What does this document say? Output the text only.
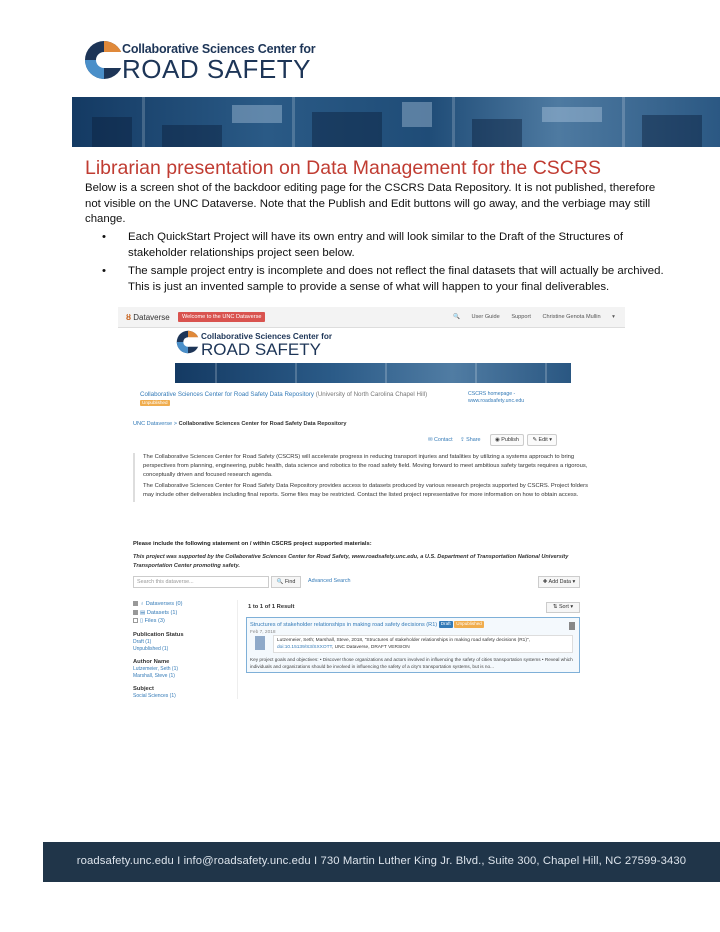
Collaborative Sciences Center for
ROAD SAFETY
Librarian presentation on Data Management for the CSCRS

Below is a screen shot of the backdoor editing page for the CSCRS Data Repository. It is not published, therefore not visible on the UNC Dataverse. Note that the Publish and Edit buttons will go away, and the verbiage may still change.

• Each QuickStart Project will have its own entry and will look similar to the Draft of the Structures of stakeholder relationships project seen below.
• The sample project entry is incomplete and does not reflect the final datasets that will actually be archived. This is just an invented sample to provide a sense of what will happen to your final deliverables.
ȣ Dataverse	Welcome to the UNC Dataverse	🔍 User Guide Support Christine Genota Mullin ▾
Collaborative Sciences Center for
ROAD SAFETY
Collaborative Sciences Center for Road Safety Data Repository (University of North Carolina Chapel Hill) Unpublished
CSCRS homepage -
www.roadsafety.unc.edu
UNC Dataverse > Collaborative Sciences Center for Road Safety Data Repository
✉ Contact ⇪ Share	◉ Publish	✎ Edit ▾

The Collaborative Sciences Center for Road Safety (CSCRS) will accelerate progress in reducing transport injuries and fatalities by utilizing a systems approach to bring perspectives from planning, engineering, public health, data science and robotics to the road safety field. Moving forward to meet ambitious safety targets requires a rigorous, conceptually driven and focused research agenda.

The Collaborative Sciences Center for Road Safety Data Repository provides access to datasets produced by various research projects supported by CSCRS. Project folders may include other deliverables including final reports. Some files may be restricted. Contact the listed project representative for more information on how to obtain access.

Please include the following statement on / within CSCRS project supported materials:
This project was supported by the Collaborative Sciences Center for Road Safety, www.roadsafety.unc.edu, a U.S. Department of Transportation National University Transportation Center promoting safety.
Search this dataverse...	🔍 Find	Advanced Search	✚ Add Data ▾
♁ Dataverses (0)
▤ Datasets (1)
▯ Files (3)
Publication Status
Draft (1)
Unpublished (1)
Author Name
Lutzemeier, Seth (1)
Marshall, Steve (1)
Subject
Social Sciences (1)
1 to 1 of 1 Result	⇅ Sort ▾
Structures of stakeholder relationships in making road safety decisions (R1) Draft Unpublished
Feb 7, 2018
Lutzemeier, Seth; Marshall, Steve, 2018, "Structures of stakeholder relationships in making road safety decisions (R1)", doi:10.15139/S3/SXXOTT, UNC Dataverse, DRAFT VERSION
Key project goals and objectives: • Discover those organizations and actors involved in influencing the safety of cities transportation systems • Reveal which individuals and organizations should be involved in influencing the safety of a city's transportation systems, but is no...
roadsafety.unc.edu I info@roadsafety.unc.edu I 730 Martin Luther King Jr. Blvd., Suite 300, Chapel Hill, NC 27599-3430
